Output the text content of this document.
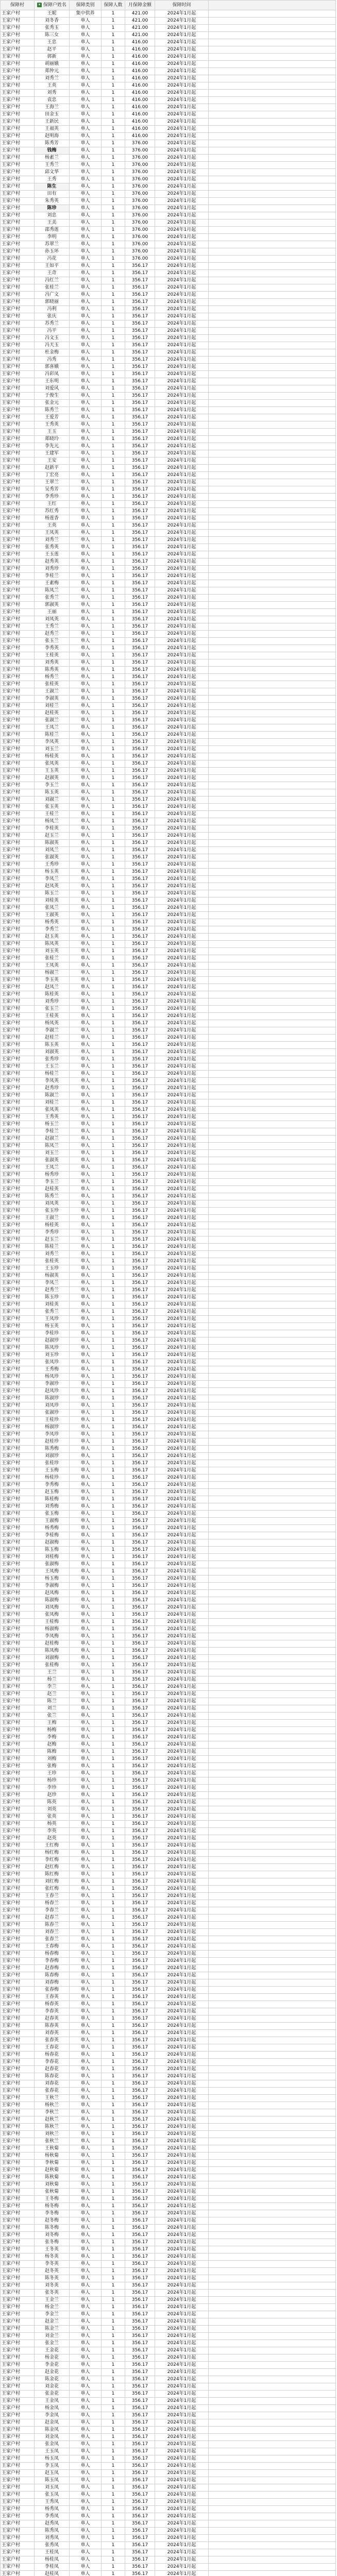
保障村	▾ 保障户姓名	保障类别	保障人数	月保障金额	保障时间	
王家户村	王妮	集中供养	1	421.00	2024年1月起	
王家户村	刘冬香	单人	1	421.00	2024年1月起	
王家户村	张秀玉	单人	1	421.00	2024年1月起	
王家户村	陈三女	单人	1	421.00	2024年1月起	
王家户村	王忠	单人	1	416.00	2024年1月起	
王家户村	赵平	单人	1	416.00	2024年1月起	
王家户村	郭新	单人	1	416.00	2024年1月起	
王家户村	胡丽娥	单人	1	416.00	2024年1月起	
王家户村	郑仲元	单人	1	416.00	2024年1月起	
王家户村	刘秀兰	单人	1	416.00	2024年1月起	
王家户村	王英	单人	1	416.00	2024年1月起	
王家户村	刘秀	单人	1	416.00	2024年1月起	
王家户村	袁忠	单人	1	416.00	2024年1月起	
王家户村	王海兰	单人	1	416.00	2024年1月起	
王家户村	田金玉	单人	1	416.00	2024年1月起	
王家户村	王新民	单人	1	416.00	2024年1月起	
王家户村	王福英	单人	1	416.00	2024年1月起	
王家户村	赵明海	单人	1	416.00	2024年1月起	
王家户村	陈秀芳	单人	1	376.00	2024年1月起	
王家户村	钱梅	单人	1	376.00	2024年1月起	
王家户村	杨素兰	单人	1	376.00	2024年1月起	
王家户村	王秀兰	单人	1	376.00	2024年1月起	
王家户村	邱文华	单人	1	376.00	2024年1月起	
王家户村	王秀	单人	1	376.00	2024年1月起	
王家户村	陈生	单人	1	376.00	2024年1月起	
王家户村	田有	单人	1	376.00	2024年1月起	
王家户村	朱秀英	单人	1	376.00	2024年1月起	
王家户村	陈珍	单人	1	376.00	2024年1月起	
王家户村	刘忠	单人	1	376.00	2024年1月起	
王家户村	王美	单人	1	376.00	2024年1月起	
王家户村	邵秀莲	单人	1	376.00	2024年1月起	
王家户村	李明	单人	1	376.00	2024年1月起	
王家户村	苏翠兰	单人	1	376.00	2024年1月起	
王家户村	孙玉环	单人	1	376.00	2024年1月起	
王家户村	冯花	单人	1	376.00	2024年1月起	
王家户村	王如平	单人	1	356.17	2024年1月起	
王家户村	王奇	单人	1	356.17	2024年1月起	
王家户村	冯红兰	单人	1	356.17	2024年1月起	
王家户村	张桂兰	单人	1	356.17	2024年1月起	
王家户村	冯广文	单人	1	356.17	2024年1月起	
王家户村	郭晓丽	单人	1	356.17	2024年1月起	
王家户村	冯利	单人	1	356.17	2024年1月起	
王家户村	张庆	单人	1	356.17	2024年1月起	
王家户村	苏秀兰	单人	1	356.17	2024年1月起	
王家户村	冯平	单人	1	356.17	2024年1月起	
王家户村	冯文玉	单人	1	356.17	2024年1月起	
王家户村	冯天玉	单人	1	356.17	2024年1月起	
王家户村	杜金梅	单人	1	356.17	2024年1月起	
王家户村	冯秀	单人	1	356.17	2024年1月起	
王家户村	郭喜娥	单人	1	356.17	2024年1月起	
王家户村	冯彩凤	单人	1	356.17	2024年1月起	
王家户村	王东明	单人	1	356.17	2024年1月起	
王家户村	刘爱风	单人	1	356.17	2024年1月起	
王家户村	于俊生	单人	1	356.17	2024年1月起	
王家户村	张金元	单人	1	356.17	2024年1月起	
王家户村	陈秀兰	单人	1	356.17	2024年1月起	
王家户村	王爱芳	单人	1	356.17	2024年1月起	
王家户村	王秀英	单人	1	356.17	2024年1月起	
王家户村	王玉	单人	1	356.17	2024年1月起	
王家户村	郑晓玲	单人	1	356.17	2024年1月起	
王家户村	李先元	单人	1	356.17	2024年1月起	
王家户村	王建军	单人	1	356.17	2024年1月起	
王家户村	王安	单人	1	356.17	2024年1月起	
王家户村	赵新平	单人	1	356.17	2024年1月起	
王家户村	丁宏亮	单人	1	356.17	2024年1月起	
王家户村	王翠兰	单人	1	356.17	2024年1月起	
王家户村	吴秀芳	单人	1	356.17	2024年1月起	
王家户村	李秀珍	单人	1	356.17	2024年1月起	
王家户村	王红	单人	1	356.17	2024年1月起	
王家户村	苏红秀	单人	1	356.17	2024年1月起	
王家户村	杨莲香	单人	1	356.17	2024年1月起	
王家户村	王英	单人	1	356.17	2024年1月起	
王家户村	王凤英	单人	1	356.17	2024年1月起	
王家户村	刘秀兰	单人	1	356.17	2024年1月起	
王家户村	张秀英	单人	1	356.17	2024年1月起	
王家户村	王玉莲	单人	1	356.17	2024年1月起	
王家户村	赵秀英	单人	1	356.17	2024年1月起	
王家户村	刘秀珍	单人	1	356.17	2024年1月起	
王家户村	李桂兰	单人	1	356.17	2024年1月起	
王家户村	王素梅	单人	1	356.17	2024年1月起	
王家户村	陈凤兰	单人	1	356.17	2024年1月起	
王家户村	张秀兰	单人	1	356.17	2024年1月起	
王家户村	郭淑英	单人	1	356.17	2024年1月起	
王家户村	王丽	单人	1	356.17	2024年1月起	
王家户村	刘凤英	单人	1	356.17	2024年1月起	
王家户村	王秀兰	单人	1	356.17	2024年1月起	
王家户村	赵秀兰	单人	1	356.17	2024年1月起	
王家户村	张玉兰	单人	1	356.17	2024年1月起	
王家户村	李秀英	单人	1	356.17	2024年1月起	
王家户村	王桂英	单人	1	356.17	2024年1月起	
王家户村	刘秀英	单人	1	356.17	2024年1月起	
王家户村	陈秀英	单人	1	356.17	2024年1月起	
王家户村	杨秀兰	单人	1	356.17	2024年1月起	
王家户村	张桂英	单人	1	356.17	2024年1月起	
王家户村	王淑兰	单人	1	356.17	2024年1月起	
王家户村	李淑英	单人	1	356.17	2024年1月起	
王家户村	刘桂兰	单人	1	356.17	2024年1月起	
王家户村	赵桂英	单人	1	356.17	2024年1月起	
王家户村	张淑兰	单人	1	356.17	2024年1月起	
王家户村	王凤兰	单人	1	356.17	2024年1月起	
王家户村	陈桂兰	单人	1	356.17	2024年1月起	
王家户村	李凤英	单人	1	356.17	2024年1月起	
王家户村	刘玉兰	单人	1	356.17	2024年1月起	
王家户村	杨桂英	单人	1	356.17	2024年1月起	
王家户村	张凤英	单人	1	356.17	2024年1月起	
王家户村	王玉英	单人	1	356.17	2024年1月起	
王家户村	赵淑英	单人	1	356.17	2024年1月起	
王家户村	李玉兰	单人	1	356.17	2024年1月起	
王家户村	陈玉英	单人	1	356.17	2024年1月起	
王家户村	刘淑兰	单人	1	356.17	2024年1月起	
王家户村	张玉英	单人	1	356.17	2024年1月起	
王家户村	王桂兰	单人	1	356.17	2024年1月起	
王家户村	杨凤兰	单人	1	356.17	2024年1月起	
王家户村	李桂英	单人	1	356.17	2024年1月起	
王家户村	赵玉兰	单人	1	356.17	2024年1月起	
王家户村	陈淑英	单人	1	356.17	2024年1月起	
王家户村	刘凤兰	单人	1	356.17	2024年1月起	
王家户村	张淑英	单人	1	356.17	2024年1月起	
王家户村	王秀珍	单人	1	356.17	2024年1月起	
王家户村	杨玉英	单人	1	356.17	2024年1月起	
王家户村	李凤兰	单人	1	356.17	2024年1月起	
王家户村	赵凤英	单人	1	356.17	2024年1月起	
王家户村	陈玉兰	单人	1	356.17	2024年1月起	
王家户村	刘桂英	单人	1	356.17	2024年1月起	
王家户村	张凤兰	单人	1	356.17	2024年1月起	
王家户村	王淑英	单人	1	356.17	2024年1月起	
王家户村	杨秀英	单人	1	356.17	2024年1月起	
王家户村	李秀兰	单人	1	356.17	2024年1月起	
王家户村	赵玉英	单人	1	356.17	2024年1月起	
王家户村	陈凤英	单人	1	356.17	2024年1月起	
王家户村	刘玉英	单人	1	356.17	2024年1月起	
王家户村	张桂兰	单人	1	356.17	2024年1月起	
王家户村	王凤英	单人	1	356.17	2024年1月起	
王家户村	杨淑兰	单人	1	356.17	2024年1月起	
王家户村	李玉英	单人	1	356.17	2024年1月起	
王家户村	赵凤兰	单人	1	356.17	2024年1月起	
王家户村	陈桂英	单人	1	356.17	2024年1月起	
王家户村	刘秀珍	单人	1	356.17	2024年1月起	
王家户村	张玉兰	单人	1	356.17	2024年1月起	
王家户村	王桂英	单人	1	356.17	2024年1月起	
王家户村	杨凤英	单人	1	356.17	2024年1月起	
王家户村	李淑兰	单人	1	356.17	2024年1月起	
王家户村	赵桂兰	单人	1	356.17	2024年1月起	
王家户村	陈玉英	单人	1	356.17	2024年1月起	
王家户村	刘淑英	单人	1	356.17	2024年1月起	
王家户村	张秀珍	单人	1	356.17	2024年1月起	
王家户村	王玉兰	单人	1	356.17	2024年1月起	
王家户村	杨桂兰	单人	1	356.17	2024年1月起	
王家户村	李凤英	单人	1	356.17	2024年1月起	
王家户村	赵秀珍	单人	1	356.17	2024年1月起	
王家户村	陈淑兰	单人	1	356.17	2024年1月起	
王家户村	刘桂兰	单人	1	356.17	2024年1月起	
王家户村	张凤英	单人	1	356.17	2024年1月起	
王家户村	王秀英	单人	1	356.17	2024年1月起	
王家户村	杨玉兰	单人	1	356.17	2024年1月起	
王家户村	李桂兰	单人	1	356.17	2024年1月起	
王家户村	赵淑兰	单人	1	356.17	2024年1月起	
王家户村	陈凤兰	单人	1	356.17	2024年1月起	
王家户村	刘玉兰	单人	1	356.17	2024年1月起	
王家户村	张淑英	单人	1	356.17	2024年1月起	
王家户村	王凤兰	单人	1	356.17	2024年1月起	
王家户村	杨秀珍	单人	1	356.17	2024年1月起	
王家户村	李玉兰	单人	1	356.17	2024年1月起	
王家户村	赵桂英	单人	1	356.17	2024年1月起	
王家户村	陈秀兰	单人	1	356.17	2024年1月起	
王家户村	刘凤英	单人	1	356.17	2024年1月起	
王家户村	张玉珍	单人	1	356.17	2024年1月起	
王家户村	王淑兰	单人	1	356.17	2024年1月起	
王家户村	杨桂英	单人	1	356.17	2024年1月起	
王家户村	李秀珍	单人	1	356.17	2024年1月起	
王家户村	赵玉兰	单人	1	356.17	2024年1月起	
王家户村	陈桂兰	单人	1	356.17	2024年1月起	
王家户村	刘秀兰	单人	1	356.17	2024年1月起	
王家户村	张桂英	单人	1	356.17	2024年1月起	
王家户村	王玉珍	单人	1	356.17	2024年1月起	
王家户村	杨淑英	单人	1	356.17	2024年1月起	
王家户村	李凤兰	单人	1	356.17	2024年1月起	
王家户村	赵秀兰	单人	1	356.17	2024年1月起	
王家户村	陈玉珍	单人	1	356.17	2024年1月起	
王家户村	刘桂英	单人	1	356.17	2024年1月起	
王家户村	张秀兰	单人	1	356.17	2024年1月起	
王家户村	王凤珍	单人	1	356.17	2024年1月起	
王家户村	杨玉英	单人	1	356.17	2024年1月起	
王家户村	李桂珍	单人	1	356.17	2024年1月起	
王家户村	赵淑珍	单人	1	356.17	2024年1月起	
王家户村	陈凤珍	单人	1	356.17	2024年1月起	
王家户村	刘玉珍	单人	1	356.17	2024年1月起	
王家户村	张凤珍	单人	1	356.17	2024年1月起	
王家户村	王秀梅	单人	1	356.17	2024年1月起	
王家户村	杨凤珍	单人	1	356.17	2024年1月起	
王家户村	李淑珍	单人	1	356.17	2024年1月起	
王家户村	赵凤珍	单人	1	356.17	2024年1月起	
王家户村	陈淑珍	单人	1	356.17	2024年1月起	
王家户村	刘凤珍	单人	1	356.17	2024年1月起	
王家户村	张淑珍	单人	1	356.17	2024年1月起	
王家户村	王桂珍	单人	1	356.17	2024年1月起	
王家户村	杨淑珍	单人	1	356.17	2024年1月起	
王家户村	李凤珍	单人	1	356.17	2024年1月起	
王家户村	赵桂珍	单人	1	356.17	2024年1月起	
王家户村	陈秀梅	单人	1	356.17	2024年1月起	
王家户村	刘淑珍	单人	1	356.17	2024年1月起	
王家户村	张桂珍	单人	1	356.17	2024年1月起	
王家户村	王玉梅	单人	1	356.17	2024年1月起	
王家户村	杨桂珍	单人	1	356.17	2024年1月起	
王家户村	李秀梅	单人	1	356.17	2024年1月起	
王家户村	赵玉梅	单人	1	356.17	2024年1月起	
王家户村	陈桂梅	单人	1	356.17	2024年1月起	
王家户村	刘秀梅	单人	1	356.17	2024年1月起	
王家户村	张玉梅	单人	1	356.17	2024年1月起	
王家户村	王淑梅	单人	1	356.17	2024年1月起	
王家户村	杨秀梅	单人	1	356.17	2024年1月起	
王家户村	李桂梅	单人	1	356.17	2024年1月起	
王家户村	赵淑梅	单人	1	356.17	2024年1月起	
王家户村	陈玉梅	单人	1	356.17	2024年1月起	
王家户村	刘桂梅	单人	1	356.17	2024年1月起	
王家户村	张淑梅	单人	1	356.17	2024年1月起	
王家户村	王凤梅	单人	1	356.17	2024年1月起	
王家户村	杨玉梅	单人	1	356.17	2024年1月起	
王家户村	李淑梅	单人	1	356.17	2024年1月起	
王家户村	赵凤梅	单人	1	356.17	2024年1月起	
王家户村	陈淑梅	单人	1	356.17	2024年1月起	
王家户村	刘凤梅	单人	1	356.17	2024年1月起	
王家户村	张凤梅	单人	1	356.17	2024年1月起	
王家户村	王桂梅	单人	1	356.17	2024年1月起	
王家户村	杨淑梅	单人	1	356.17	2024年1月起	
王家户村	李凤梅	单人	1	356.17	2024年1月起	
王家户村	赵桂梅	单人	1	356.17	2024年1月起	
王家户村	陈凤梅	单人	1	356.17	2024年1月起	
王家户村	刘淑梅	单人	1	356.17	2024年1月起	
王家户村	张桂梅	单人	1	356.17	2024年1月起	
王家户村	王兰	单人	1	356.17	2024年1月起	
王家户村	杨兰	单人	1	356.17	2024年1月起	
王家户村	李兰	单人	1	356.17	2024年1月起	
王家户村	赵兰	单人	1	356.17	2024年1月起	
王家户村	陈兰	单人	1	356.17	2024年1月起	
王家户村	刘兰	单人	1	356.17	2024年1月起	
王家户村	张兰	单人	1	356.17	2024年1月起	
王家户村	王梅	单人	1	356.17	2024年1月起	
王家户村	杨梅	单人	1	356.17	2024年1月起	
王家户村	李梅	单人	1	356.17	2024年1月起	
王家户村	赵梅	单人	1	356.17	2024年1月起	
王家户村	陈梅	单人	1	356.17	2024年1月起	
王家户村	刘梅	单人	1	356.17	2024年1月起	
王家户村	张梅	单人	1	356.17	2024年1月起	
王家户村	王珍	单人	1	356.17	2024年1月起	
王家户村	杨珍	单人	1	356.17	2024年1月起	
王家户村	李珍	单人	1	356.17	2024年1月起	
王家户村	赵珍	单人	1	356.17	2024年1月起	
王家户村	陈英	单人	1	356.17	2024年1月起	
王家户村	刘英	单人	1	356.17	2024年1月起	
王家户村	张英	单人	1	356.17	2024年1月起	
王家户村	杨英	单人	1	356.17	2024年1月起	
王家户村	李英	单人	1	356.17	2024年1月起	
王家户村	赵英	单人	1	356.17	2024年1月起	
王家户村	王红梅	单人	1	356.17	2024年1月起	
王家户村	杨红梅	单人	1	356.17	2024年1月起	
王家户村	李红梅	单人	1	356.17	2024年1月起	
王家户村	赵红梅	单人	1	356.17	2024年1月起	
王家户村	陈红梅	单人	1	356.17	2024年1月起	
王家户村	刘红梅	单人	1	356.17	2024年1月起	
王家户村	张红梅	单人	1	356.17	2024年1月起	
王家户村	王春兰	单人	1	356.17	2024年1月起	
王家户村	杨春兰	单人	1	356.17	2024年1月起	
王家户村	李春兰	单人	1	356.17	2024年1月起	
王家户村	赵春兰	单人	1	356.17	2024年1月起	
王家户村	陈春兰	单人	1	356.17	2024年1月起	
王家户村	刘春兰	单人	1	356.17	2024年1月起	
王家户村	张春兰	单人	1	356.17	2024年1月起	
王家户村	王春梅	单人	1	356.17	2024年1月起	
王家户村	杨春梅	单人	1	356.17	2024年1月起	
王家户村	李春梅	单人	1	356.17	2024年1月起	
王家户村	赵春梅	单人	1	356.17	2024年1月起	
王家户村	陈春梅	单人	1	356.17	2024年1月起	
王家户村	刘春梅	单人	1	356.17	2024年1月起	
王家户村	张春梅	单人	1	356.17	2024年1月起	
王家户村	王春英	单人	1	356.17	2024年1月起	
王家户村	杨春英	单人	1	356.17	2024年1月起	
王家户村	李春英	单人	1	356.17	2024年1月起	
王家户村	赵春英	单人	1	356.17	2024年1月起	
王家户村	陈春英	单人	1	356.17	2024年1月起	
王家户村	刘春英	单人	1	356.17	2024年1月起	
王家户村	张春英	单人	1	356.17	2024年1月起	
王家户村	王春花	单人	1	356.17	2024年1月起	
王家户村	杨春花	单人	1	356.17	2024年1月起	
王家户村	李春花	单人	1	356.17	2024年1月起	
王家户村	赵春花	单人	1	356.17	2024年1月起	
王家户村	陈春花	单人	1	356.17	2024年1月起	
王家户村	刘春花	单人	1	356.17	2024年1月起	
王家户村	张春花	单人	1	356.17	2024年1月起	
王家户村	王秋兰	单人	1	356.17	2024年1月起	
王家户村	杨秋兰	单人	1	356.17	2024年1月起	
王家户村	李秋兰	单人	1	356.17	2024年1月起	
王家户村	赵秋兰	单人	1	356.17	2024年1月起	
王家户村	陈秋兰	单人	1	356.17	2024年1月起	
王家户村	刘秋兰	单人	1	356.17	2024年1月起	
王家户村	张秋兰	单人	1	356.17	2024年1月起	
王家户村	王秋菊	单人	1	356.17	2024年1月起	
王家户村	杨秋菊	单人	1	356.17	2024年1月起	
王家户村	李秋菊	单人	1	356.17	2024年1月起	
王家户村	赵秋菊	单人	1	356.17	2024年1月起	
王家户村	陈秋菊	单人	1	356.17	2024年1月起	
王家户村	刘秋菊	单人	1	356.17	2024年1月起	
王家户村	张秋菊	单人	1	356.17	2024年1月起	
王家户村	王冬梅	单人	1	356.17	2024年1月起	
王家户村	杨冬梅	单人	1	356.17	2024年1月起	
王家户村	李冬梅	单人	1	356.17	2024年1月起	
王家户村	赵冬梅	单人	1	356.17	2024年1月起	
王家户村	陈冬梅	单人	1	356.17	2024年1月起	
王家户村	刘冬梅	单人	1	356.17	2024年1月起	
王家户村	张冬梅	单人	1	356.17	2024年1月起	
王家户村	王冬英	单人	1	356.17	2024年1月起	
王家户村	杨冬英	单人	1	356.17	2024年1月起	
王家户村	李冬英	单人	1	356.17	2024年1月起	
王家户村	赵冬英	单人	1	356.17	2024年1月起	
王家户村	陈冬英	单人	1	356.17	2024年1月起	
王家户村	刘冬英	单人	1	356.17	2024年1月起	
王家户村	张冬英	单人	1	356.17	2024年1月起	
王家户村	王金兰	单人	1	356.17	2024年1月起	
王家户村	杨金兰	单人	1	356.17	2024年1月起	
王家户村	李金兰	单人	1	356.17	2024年1月起	
王家户村	赵金兰	单人	1	356.17	2024年1月起	
王家户村	陈金兰	单人	1	356.17	2024年1月起	
王家户村	刘金兰	单人	1	356.17	2024年1月起	
王家户村	张金兰	单人	1	356.17	2024年1月起	
王家户村	王金花	单人	1	356.17	2024年1月起	
王家户村	杨金花	单人	1	356.17	2024年1月起	
王家户村	李金花	单人	1	356.17	2024年1月起	
王家户村	赵金花	单人	1	356.17	2024年1月起	
王家户村	陈金花	单人	1	356.17	2024年1月起	
王家户村	刘金花	单人	1	356.17	2024年1月起	
王家户村	张金花	单人	1	356.17	2024年1月起	
王家户村	王金凤	单人	1	356.17	2024年1月起	
王家户村	杨金凤	单人	1	356.17	2024年1月起	
王家户村	李金凤	单人	1	356.17	2024年1月起	
王家户村	赵金凤	单人	1	356.17	2024年1月起	
王家户村	陈金凤	单人	1	356.17	2024年1月起	
王家户村	刘金凤	单人	1	356.17	2024年1月起	
王家户村	张金凤	单人	1	356.17	2024年1月起	
王家户村	王玉凤	单人	1	356.17	2024年1月起	
王家户村	杨玉凤	单人	1	356.17	2024年1月起	
王家户村	李玉凤	单人	1	356.17	2024年1月起	
王家户村	赵玉凤	单人	1	356.17	2024年1月起	
王家户村	陈玉凤	单人	1	356.17	2024年1月起	
王家户村	刘玉凤	单人	1	356.17	2024年1月起	
王家户村	张玉凤	单人	1	356.17	2024年1月起	
王家户村	王秀凤	单人	1	356.17	2024年1月起	
王家户村	杨秀凤	单人	1	356.17	2024年1月起	
王家户村	李秀凤	单人	1	356.17	2024年1月起	
王家户村	赵秀凤	单人	1	356.17	2024年1月起	
王家户村	陈秀凤	单人	1	356.17	2024年1月起	
王家户村	刘秀凤	单人	1	356.17	2024年1月起	
王家户村	张秀凤	单人	1	356.17	2024年1月起	
王家户村	王桂凤	单人	1	356.17	2024年1月起	
王家户村	杨桂凤	单人	1	356.17	2024年1月起	
王家户村	李桂凤	单人	1	356.17	2024年1月起	
王家户村	赵桂凤	单人	1	356.17	2024年1月起	
